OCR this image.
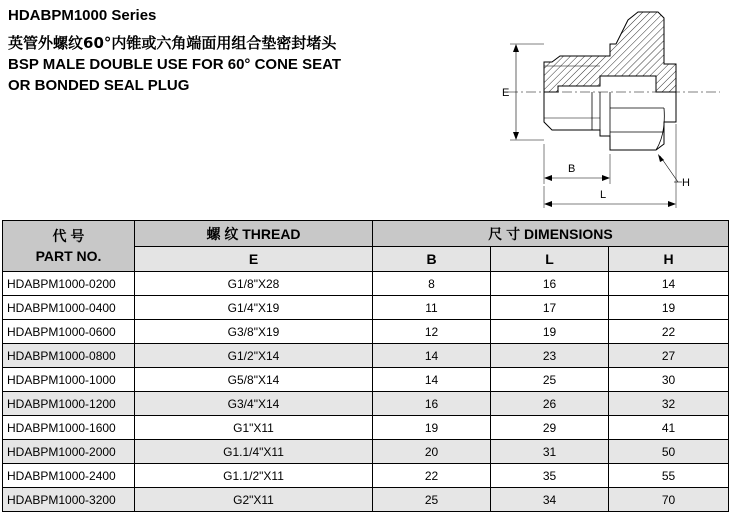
HDABPM1000 Series
英管外螺纹60°内锥或六角端面用组合垫密封堵头
BSP MALE DOUBLE USE FOR 60° CONE SEAT
OR BONDED SEAL PLUG	E
B
L
H
代 号
PART NO.	螺 纹 THREAD	尺 寸 DIMENSIONS		
	E	B	L	H
HDABPM1000-0200	G1/8"X28	8	16	14
HDABPM1000-0400	G1/4"X19	11	17	19
HDABPM1000-0600	G3/8"X19	12	19	22
HDABPM1000-0800	G1/2"X14	14	23	27
HDABPM1000-1000	G5/8"X14	14	25	30
HDABPM1000-1200	G3/4"X14	16	26	32
HDABPM1000-1600	G1"X11	19	29	41
HDABPM1000-2000	G1.1/4"X11	20	31	50
HDABPM1000-2400	G1.1/2"X11	22	35	55
HDABPM1000-3200	G2"X11	25	34	70
